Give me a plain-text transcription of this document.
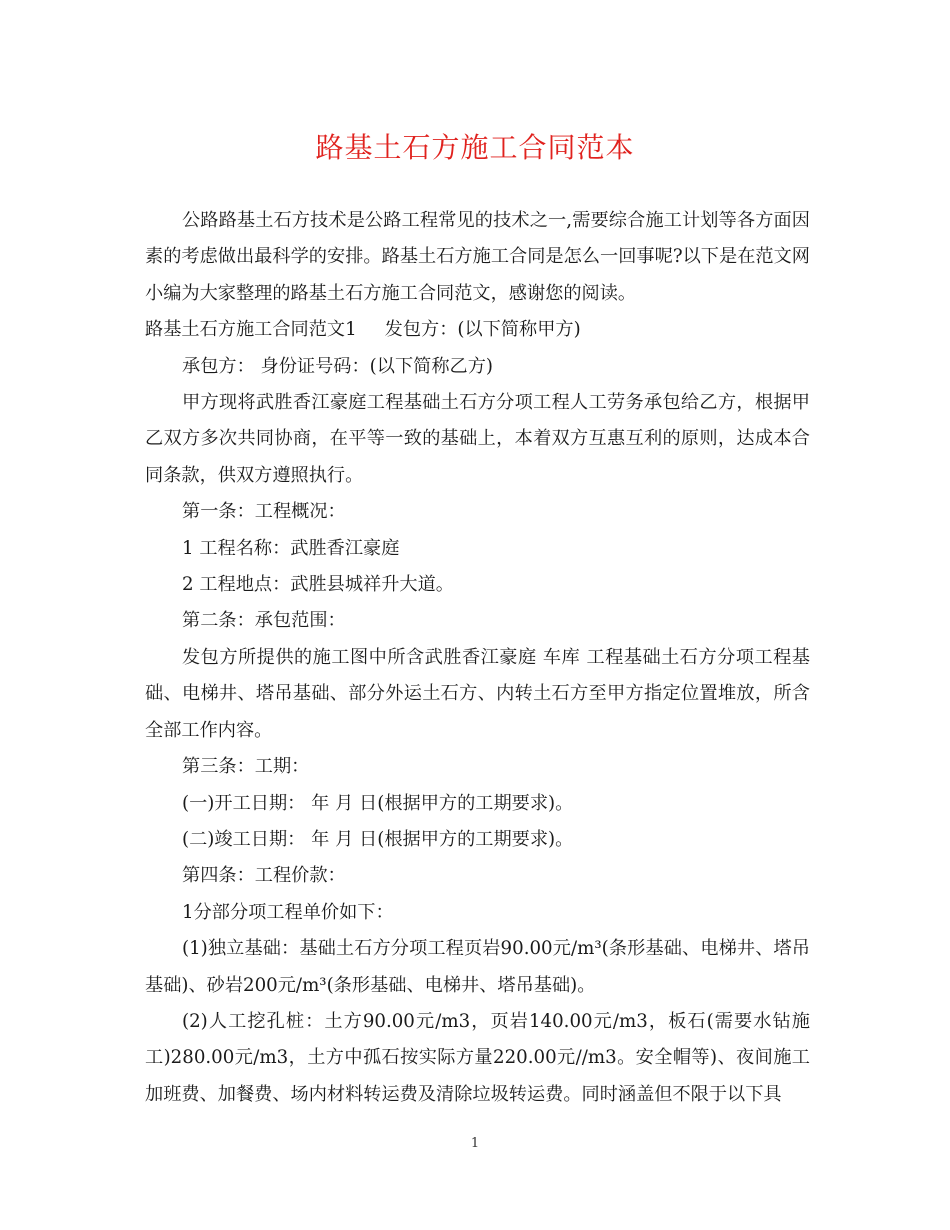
路基土石方施工合同范本

公路路基土石方技术是公路工程常见的技术之一,需要综合施工计划等各方面因素的考虑做出最科学的安排。路基土石方施工合同是怎么一回事呢?以下是在范文网小编为大家整理的路基土石方施工合同范文，感谢您的阅读。

路基土石方施工合同范文1 发包方：(以下简称甲方)

承包方： 身份证号码：(以下简称乙方)

甲方现将武胜香江豪庭工程基础土石方分项工程人工劳务承包给乙方，根据甲乙双方多次共同协商，在平等一致的基础上，本着双方互惠互利的原则，达成本合同条款，供双方遵照执行。

第一条：工程概况：

1 工程名称：武胜香江豪庭

2 工程地点：武胜县城祥升大道。

第二条：承包范围：

发包方所提供的施工图中所含武胜香江豪庭 车库 工程基础土石方分项工程基础、电梯井、塔吊基础、部分外运土石方、内转土石方至甲方指定位置堆放，所含全部工作内容。

第三条：工期：

(一)开工日期： 年 月 日(根据甲方的工期要求)。

(二)竣工日期： 年 月 日(根据甲方的工期要求)。

第四条：工程价款：

1分部分项工程单价如下：

(1)独立基础：基础土石方分项工程页岩90.00元/m³(条形基础、电梯井、塔吊基础)、砂岩200元/m³(条形基础、电梯井、塔吊基础)。

(2)人工挖孔桩：土方90.00元/m3，页岩140.00元/m3，板石(需要水钻施工)280.00元/m3，土方中孤石按实际方量220.00元//m3。安全帽等)、夜间施工加班费、加餐费、场内材料转运费及清除垃圾转运费。同时涵盖但不限于以下具

1
